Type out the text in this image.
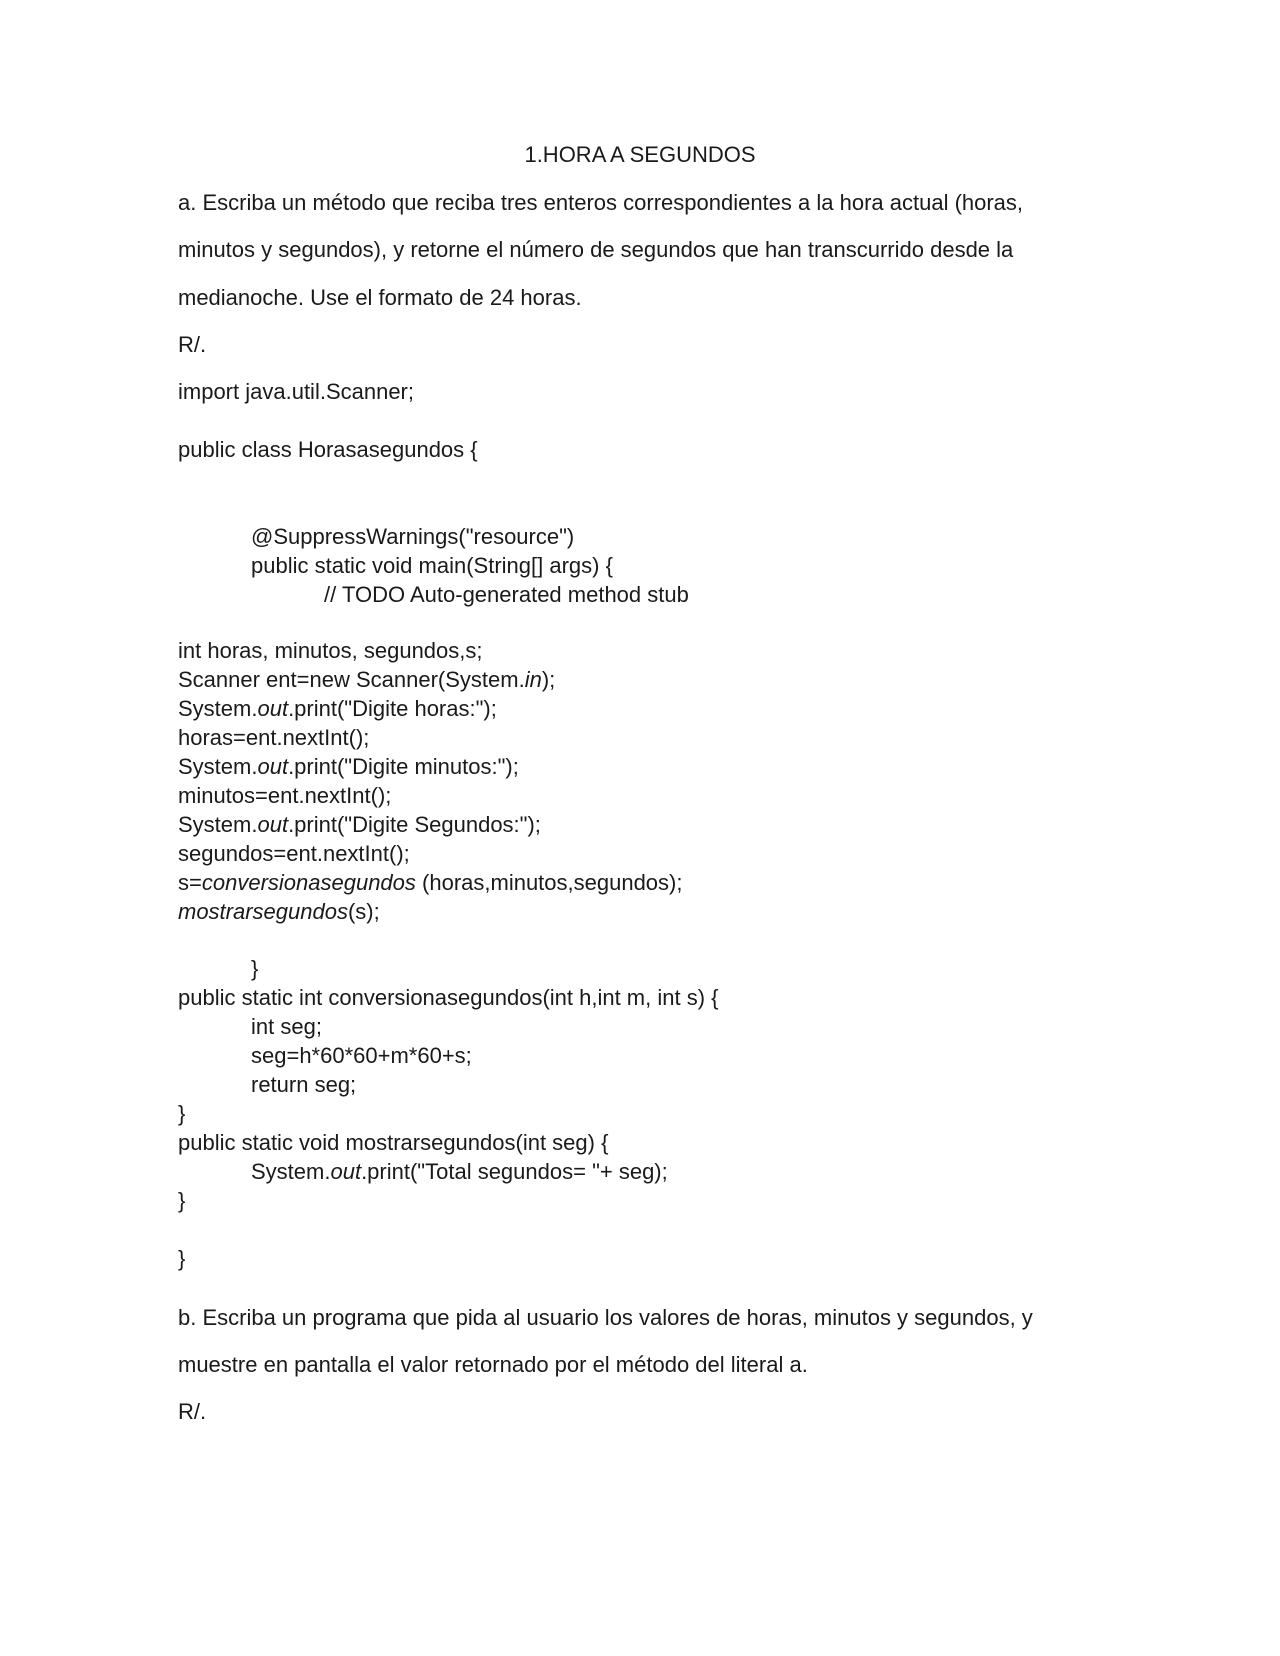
1.HORA A SEGUNDOS

a. Escriba un método que reciba tres enteros correspondientes a la hora actual (horas,

minutos y segundos), y retorne el número de segundos que han transcurrido desde la

medianoche. Use el formato de 24 horas.

R/.

import java.util.Scanner;

public class Horasasegundos {

@SuppressWarnings("resource")

public static void main(String[] args) {

// TODO Auto-generated method stub

int horas, minutos, segundos,s;

Scanner ent=new Scanner(System.in);

System.out.print("Digite horas:");

horas=ent.nextInt();

System.out.print("Digite minutos:");

minutos=ent.nextInt();

System.out.print("Digite Segundos:");

segundos=ent.nextInt();

s=conversionasegundos (horas,minutos,segundos);

mostrarsegundos(s);

}

public static int conversionasegundos(int h,int m, int s) {

int seg;

seg=h*60*60+m*60+s;

return seg;

}

public static void mostrarsegundos(int seg) {

System.out.print("Total segundos= "+ seg);

}

}

b. Escriba un programa que pida al usuario los valores de horas, minutos y segundos, y

muestre en pantalla el valor retornado por el método del literal a.

R/.
